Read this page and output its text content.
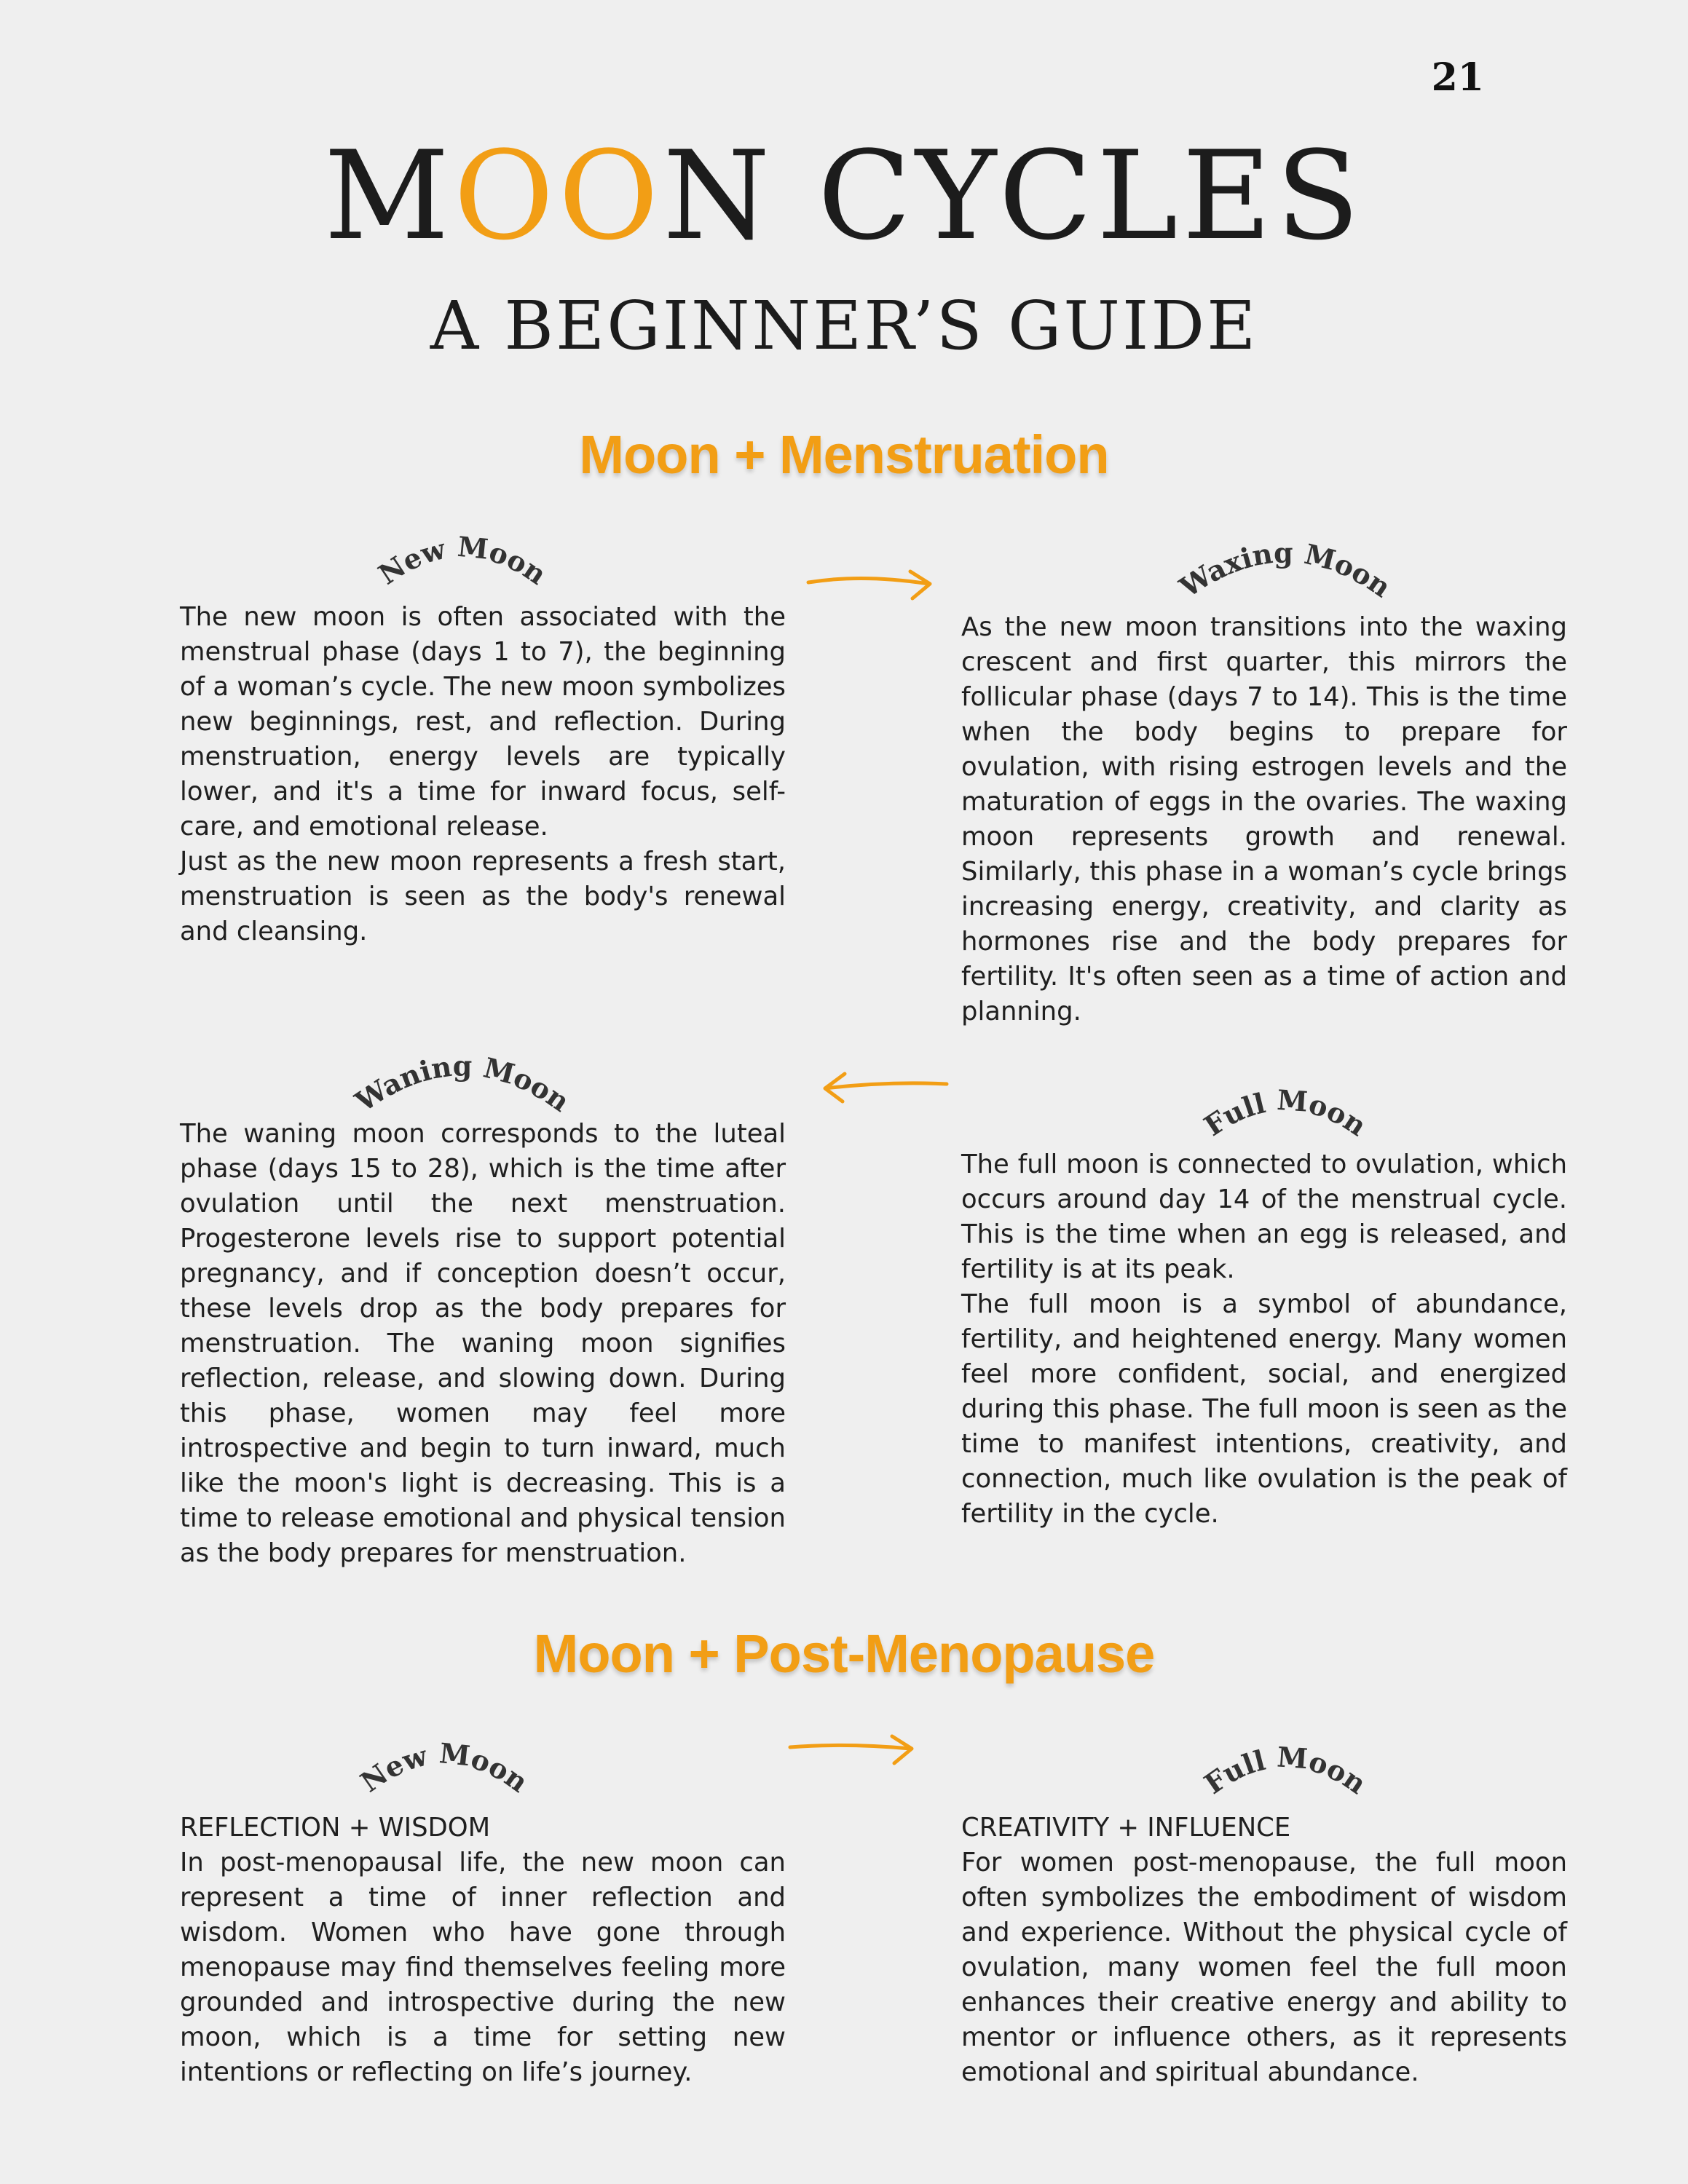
21
MOON CYCLES
A BEGINNER’S GUIDE
Moon + Menstruation
New Moon	Waxing Moon

The new moon is often associated with the menstrual phase (days 1 to 7), the beginning of a woman’s cycle. The new moon symbolizes new beginnings, rest, and reflection. During menstruation, energy levels are typically lower, and it's a time for inward focus, self-care, and emotional release.

Just as the new moon represents a fresh start, menstruation is seen as the body's renewal and cleansing.

As the new moon transitions into the waxing crescent and first quarter, this mirrors the follicular phase (days 7 to 14). This is the time when the body begins to prepare for ovulation, with rising estrogen levels and the maturation of eggs in the ovaries. The waxing moon represents growth and renewal. Similarly, this phase in a woman’s cycle brings increasing energy, creativity, and clarity as hormones rise and the body prepares for fertility. It's often seen as a time of action and planning.

Waning Moon
Full Moon

The waning moon corresponds to the luteal phase (days 15 to 28), which is the time after ovulation until the next menstruation. Progesterone levels rise to support potential pregnancy, and if conception doesn’t occur, these levels drop as the body prepares for menstruation. The waning moon signifies reflection, release, and slowing down. During this phase, women may feel more introspective and begin to turn inward, much like the moon's light is decreasing. This is a time to release emotional and physical tension as the body prepares for menstruation.

The full moon is connected to ovulation, which occurs around day 14 of the menstrual cycle. This is the time when an egg is released, and fertility is at its peak.

The full moon is a symbol of abundance, fertility, and heightened energy. Many women feel more confident, social, and energized during this phase. The full moon is seen as the time to manifest intentions, creativity, and connection, much like ovulation is the peak of fertility in the cycle.

Moon + Post-Menopause
New Moon	Full Moon
REFLECTION + WISDOM

In post-menopausal life, the new moon can represent a time of inner reflection and wisdom. Women who have gone through menopause may find themselves feeling more grounded and introspective during the new moon, which is a time for setting new intentions or reflecting on life’s journey.

CREATIVITY + INFLUENCE

For women post-menopause, the full moon often symbolizes the embodiment of wisdom and experience. Without the physical cycle of ovulation, many women feel the full moon enhances their creative energy and ability to mentor or influence others, as it represents emotional and spiritual abundance.
